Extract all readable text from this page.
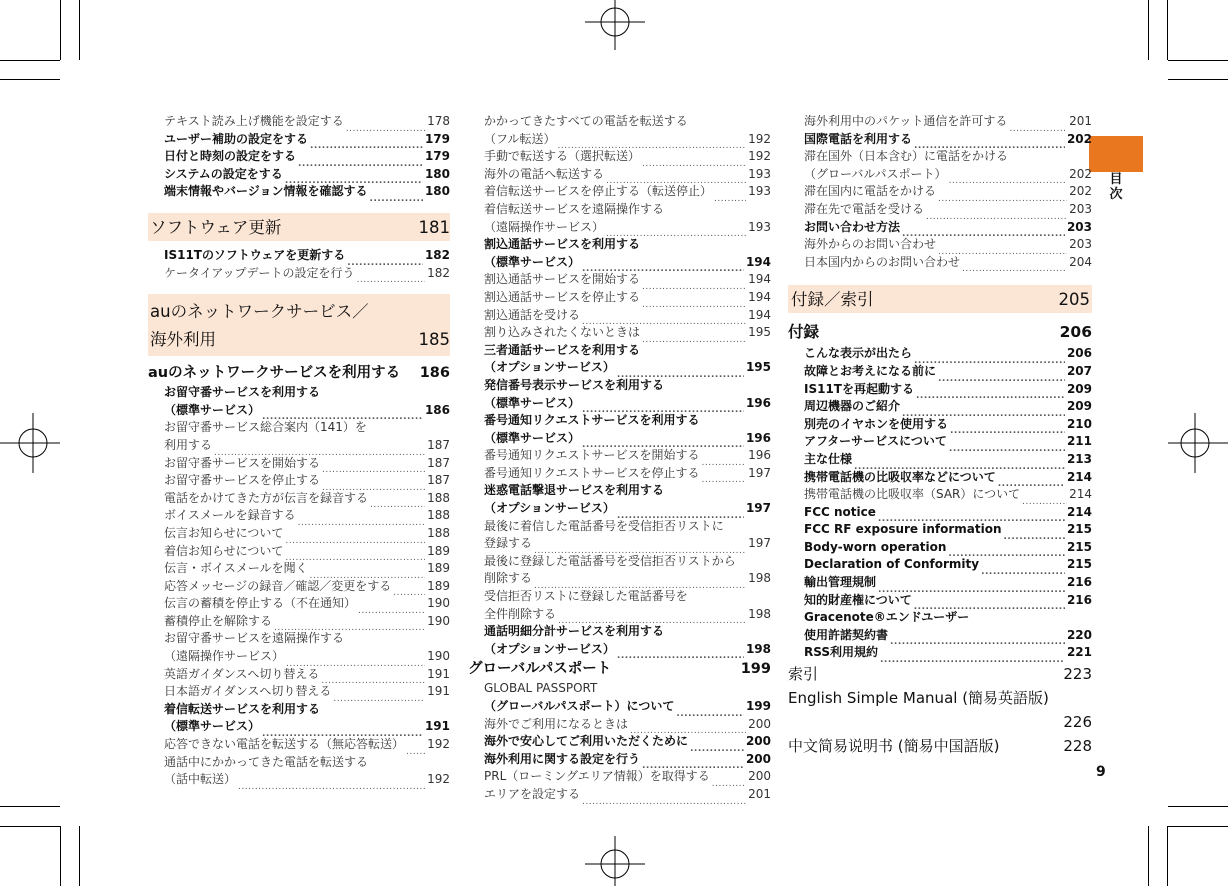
目次
テキスト読み上げ機能を設定する .....	178
ユーザー補助の設定をする .....	179
日付と時刻の設定をする .....	179
システムの設定をする .....	180
端末情報やバージョン情報を確認する .....	180
ソフトウェア更新 .....	181
IS11Tのソフトウェアを更新する .....	182
ケータイアップデートの設定を行う .....	182
auのネットワークサービス／
海外利用 .....	185
auのネットワークサービスを利用する ..... 186
お留守番サービスを利用する
（標準サービス） .....	186
お留守番サービス総合案内（141）を
利用する .....	187
お留守番サービスを開始する .....	187
お留守番サービスを停止する .....	187
電話をかけてきた方が伝言を録音する .....	188
ボイスメールを録音する .....	188
伝言お知らせについて .....	188
着信お知らせについて .....	189
伝言・ボイスメールを聞く .....	189
応答メッセージの録音／確認／変更をする .....	189
伝言の蓄積を停止する（不在通知） .....	190
蓄積停止を解除する .....	190
お留守番サービスを遠隔操作する
（遠隔操作サービス） .....	190
英語ガイダンスへ切り替える .....	191
日本語ガイダンスへ切り替える .....	191
着信転送サービスを利用する
（標準サービス） .....	191
応答できない電話を転送する（無応答転送） ..... 192
通話中にかかってきた電話を転送する
（話中転送） .....	192
かかってきたすべての電話を転送する
（フル転送） .....	192
手動で転送する（選択転送） .....	192
海外の電話へ転送する .....	193
着信転送サービスを停止する（転送停止） .....	193
着信転送サービスを遠隔操作する
（遠隔操作サービス） .....	193
割込通話サービスを利用する
（標準サービス） .....	194
割込通話サービスを開始する .....	194
割込通話サービスを停止する .....	194
割込通話を受ける .....	194
割り込みされたくないときは .....	195
三者通話サービスを利用する
（オプションサービス） .....	195
発信番号表示サービスを利用する
（標準サービス） .....	196
番号通知リクエストサービスを利用する
（標準サービス） .....	196
番号通知リクエストサービスを開始する .....	196
番号通知リクエストサービスを停止する .....	197
迷惑電話撃退サービスを利用する
（オプションサービス） .....	197
最後に着信した電話番号を受信拒否リストに
登録する .....	197
最後に登録した電話番号を受信拒否リストから
削除する .....	198
受信拒否リストに登録した電話番号を
全件削除する .....	198
通話明細分計サービスを利用する
（オプションサービス） .....	198
グローバルパスポート .....	199
GLOBAL PASSPORT
（グローバルパスポート）について .....	199
海外でご利用になるときは .....	200
海外で安心してご利用いただくために .....	200
海外利用に関する設定を行う .....	200
PRL（ローミングエリア情報）を取得する .....	200
エリアを設定する .....	201
海外利用中のパケット通信を許可する .....	201
国際電話を利用する .....	202
滞在国外（日本含む）に電話をかける
（グローバルパスポート） .....	202
滞在国内に電話をかける .....	202
滞在先で電話を受ける .....	203
お問い合わせ方法 .....	203
海外からのお問い合わせ .....	203
日本国内からのお問い合わせ .....	204
付録／索引 .....	205
付録 .....	206
こんな表示が出たら .....	206
故障とお考えになる前に .....	207
IS11Tを再起動する .....	209
周辺機器のご紹介 .....	209
別売のイヤホンを使用する .....	210
アフターサービスについて .....	211
主な仕様 .....	213
携帯電話機の比吸収率などについて .....	214
携帯電話機の比吸収率（SAR）について .....	214
FCC notice .....	214
FCC RF exposure information .....	215
Body-worn operation .....	215
Declaration of Conformity .....	215
輸出管理規制 .....	216
知的財産権について .....	216
Gracenote®エンドユーザー
使用許諾契約書 .....	220
RSS利用規約 .....	221
索引 .....	223
English Simple Manual (簡易英語版)
.....
226
中文简易说明书 (簡易中国語版) .....	228
9
